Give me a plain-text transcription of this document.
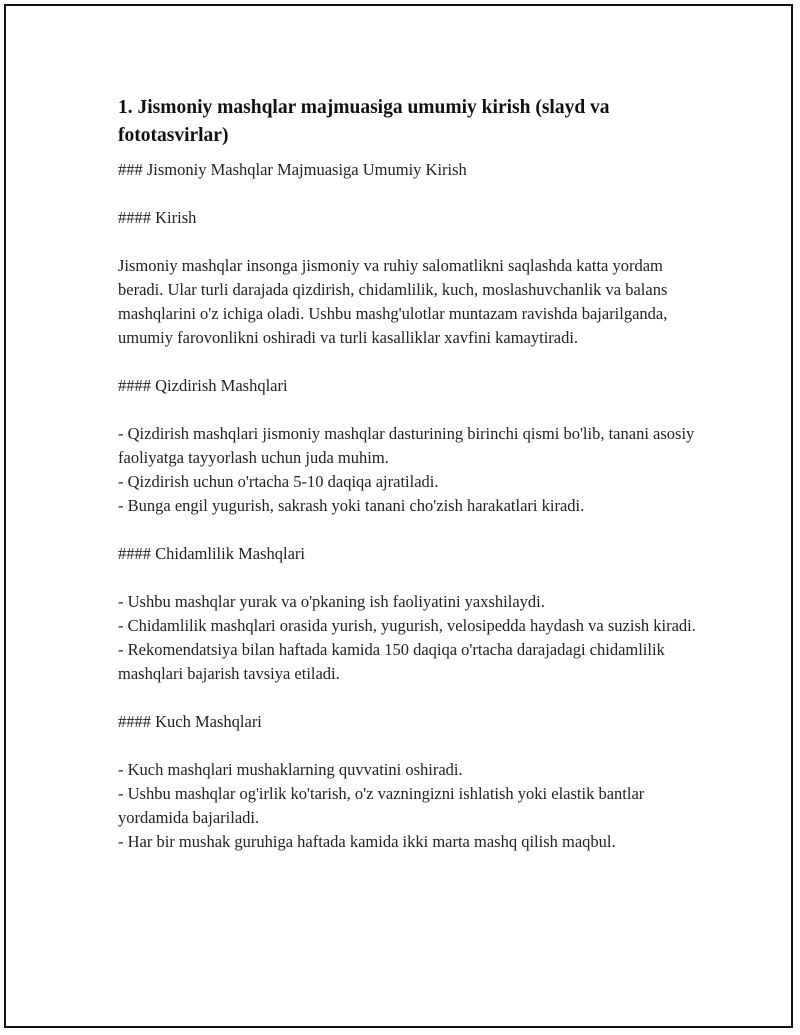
1. Jismoniy mashqlar majmuasiga umumiy kirish (slayd va fototasvirlar)
### Jismoniy Mashqlar Majmuasiga Umumiy Kirish
#### Kirish
Jismoniy mashqlar insonga jismoniy va ruhiy salomatlikni saqlashda katta yordam beradi. Ular turli darajada qizdirish, chidamlilik, kuch, moslashuvchanlik va balans mashqlarini o'z ichiga oladi. Ushbu mashg'ulotlar muntazam ravishda bajarilganda, umumiy farovonlikni oshiradi va turli kasalliklar xavfini kamaytiradi.
#### Qizdirish Mashqlari
- Qizdirish mashqlari jismoniy mashqlar dasturining birinchi qismi bo'lib, tanani asosiy faoliyatga tayyorlash uchun juda muhim.
- Qizdirish uchun o'rtacha 5-10 daqiqa ajratiladi.
- Bunga engil yugurish, sakrash yoki tanani cho'zish harakatlari kiradi.
#### Chidamlilik Mashqlari
- Ushbu mashqlar yurak va o'pkaning ish faoliyatini yaxshilaydi.
- Chidamlilik mashqlari orasida yurish, yugurish, velosipedda haydash va suzish kiradi.
- Rekomendatsiya bilan haftada kamida 150 daqiqa o'rtacha darajadagi chidamlilik mashqlari bajarish tavsiya etiladi.
#### Kuch Mashqlari
- Kuch mashqlari mushaklarning quvvatini oshiradi.
- Ushbu mashqlar og'irlik ko'tarish, o'z vazningizni ishlatish yoki elastik bantlar yordamida bajariladi.
- Har bir mushak guruhiga haftada kamida ikki marta mashq qilish maqbul.
